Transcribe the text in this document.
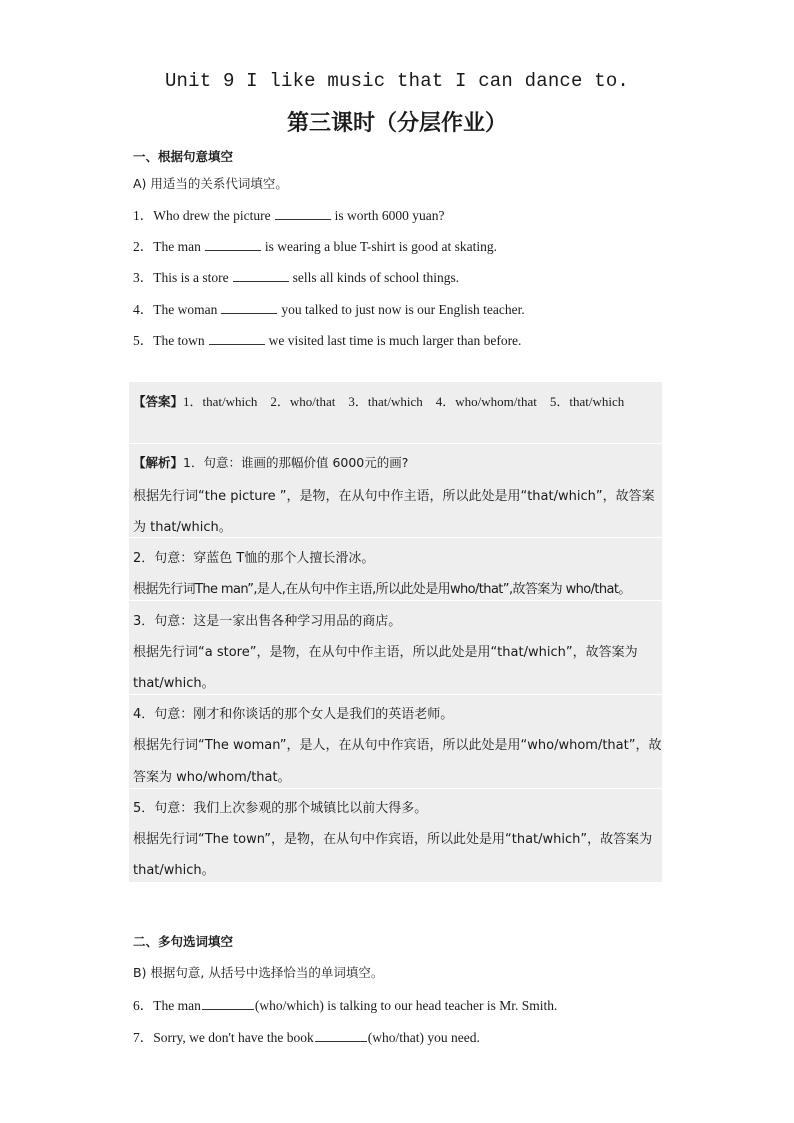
Unit 9 I like music that I can dance to.
第三课时（分层作业）
一、根据句意填空
A) 用适当的关系代词填空。
1．Who drew the picture	is worth 6000 yuan?
2．The man	is wearing a blue T-shirt is good at skating.
3．This is a store	sells all kinds of school things.
4．The woman	you talked to just now is our English teacher.
5．The town	we visited last time is much larger than before.
【答案】1．that/which    2．who/that    3．that/which    4．who/whom/that    5．that/which
【解析】1．句意：谁画的那幅价值 6000元的画?
根据先行词“the picture ”，是物，在从句中作主语，所以此处是用“that/which”，故答案
为 that/which。
2．句意：穿蓝色 T恤的那个人擅长滑冰。
根据先行词The man”,是人,在从句中作主语,所以此处是用who/that”,故答案为 who/that。
3．句意：这是一家出售各种学习用品的商店。
根据先行词“a store”，是物，在从句中作主语，所以此处是用“that/which”，故答案为
that/which。
4．句意：刚才和你谈话的那个女人是我们的英语老师。
根据先行词“The woman”，是人，在从句中作宾语，所以此处是用“who/whom/that”，故
答案为 who/whom/that。
5．句意：我们上次参观的那个城镇比以前大得多。
根据先行词“The town”，是物，在从句中作宾语，所以此处是用“that/which”，故答案为
that/which。
二、多句选词填空
B) 根据句意, 从括号中选择恰当的单词填空。
6．The man	(who/which) is talking to our head teacher is Mr. Smith.
7．Sorry, we don't have the book	(who/that) you need.
